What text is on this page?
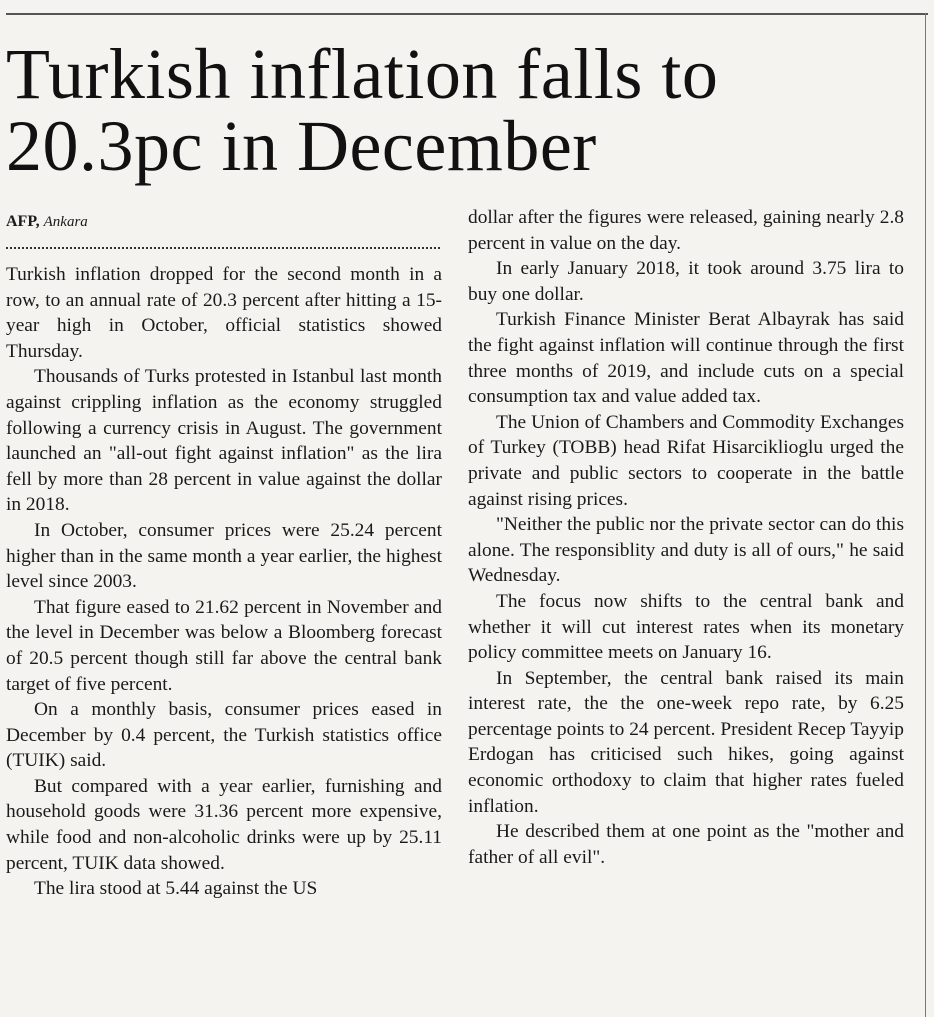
Turkish inflation falls to 20.3pc in December
AFP, Ankara

Turkish inflation dropped for the second month in a row, to an annual rate of 20.3 percent after hitting a 15-year high in October, official statistics showed Thursday.

Thousands of Turks protested in Istanbul last month against crippling inflation as the economy struggled following a currency crisis in August. The government launched an "all-out fight against inflation" as the lira fell by more than 28 percent in value against the dollar in 2018.

In October, consumer prices were 25.24 percent higher than in the same month a year earlier, the highest level since 2003.

That figure eased to 21.62 percent in November and the level in December was below a Bloomberg forecast of 20.5 percent though still far above the central bank target of five percent.

On a monthly basis, consumer prices eased in December by 0.4 percent, the Turkish statistics office (TUIK) said.

But compared with a year earlier, furnishing and household goods were 31.36 percent more expensive, while food and non-alcoholic drinks were up by 25.11 percent, TUIK data showed.

The lira stood at 5.44 against the US

dollar after the figures were released, gaining nearly 2.8 percent in value on the day.

In early January 2018, it took around 3.75 lira to buy one dollar.

Turkish Finance Minister Berat Albayrak has said the fight against inflation will continue through the first three months of 2019, and include cuts on a special consumption tax and value added tax.

The Union of Chambers and Commodity Exchanges of Turkey (TOBB) head Rifat Hisarciklioglu urged the private and public sectors to cooperate in the battle against rising prices.

"Neither the public nor the private sector can do this alone. The responsiblity and duty is all of ours," he said Wednesday.

The focus now shifts to the central bank and whether it will cut interest rates when its monetary policy committee meets on January 16.

In September, the central bank raised its main interest rate, the the one-week repo rate, by 6.25 percentage points to 24 percent. President Recep Tayyip Erdogan has criticised such hikes, going against economic orthodoxy to claim that higher rates fueled inflation.

He described them at one point as the "mother and father of all evil".
